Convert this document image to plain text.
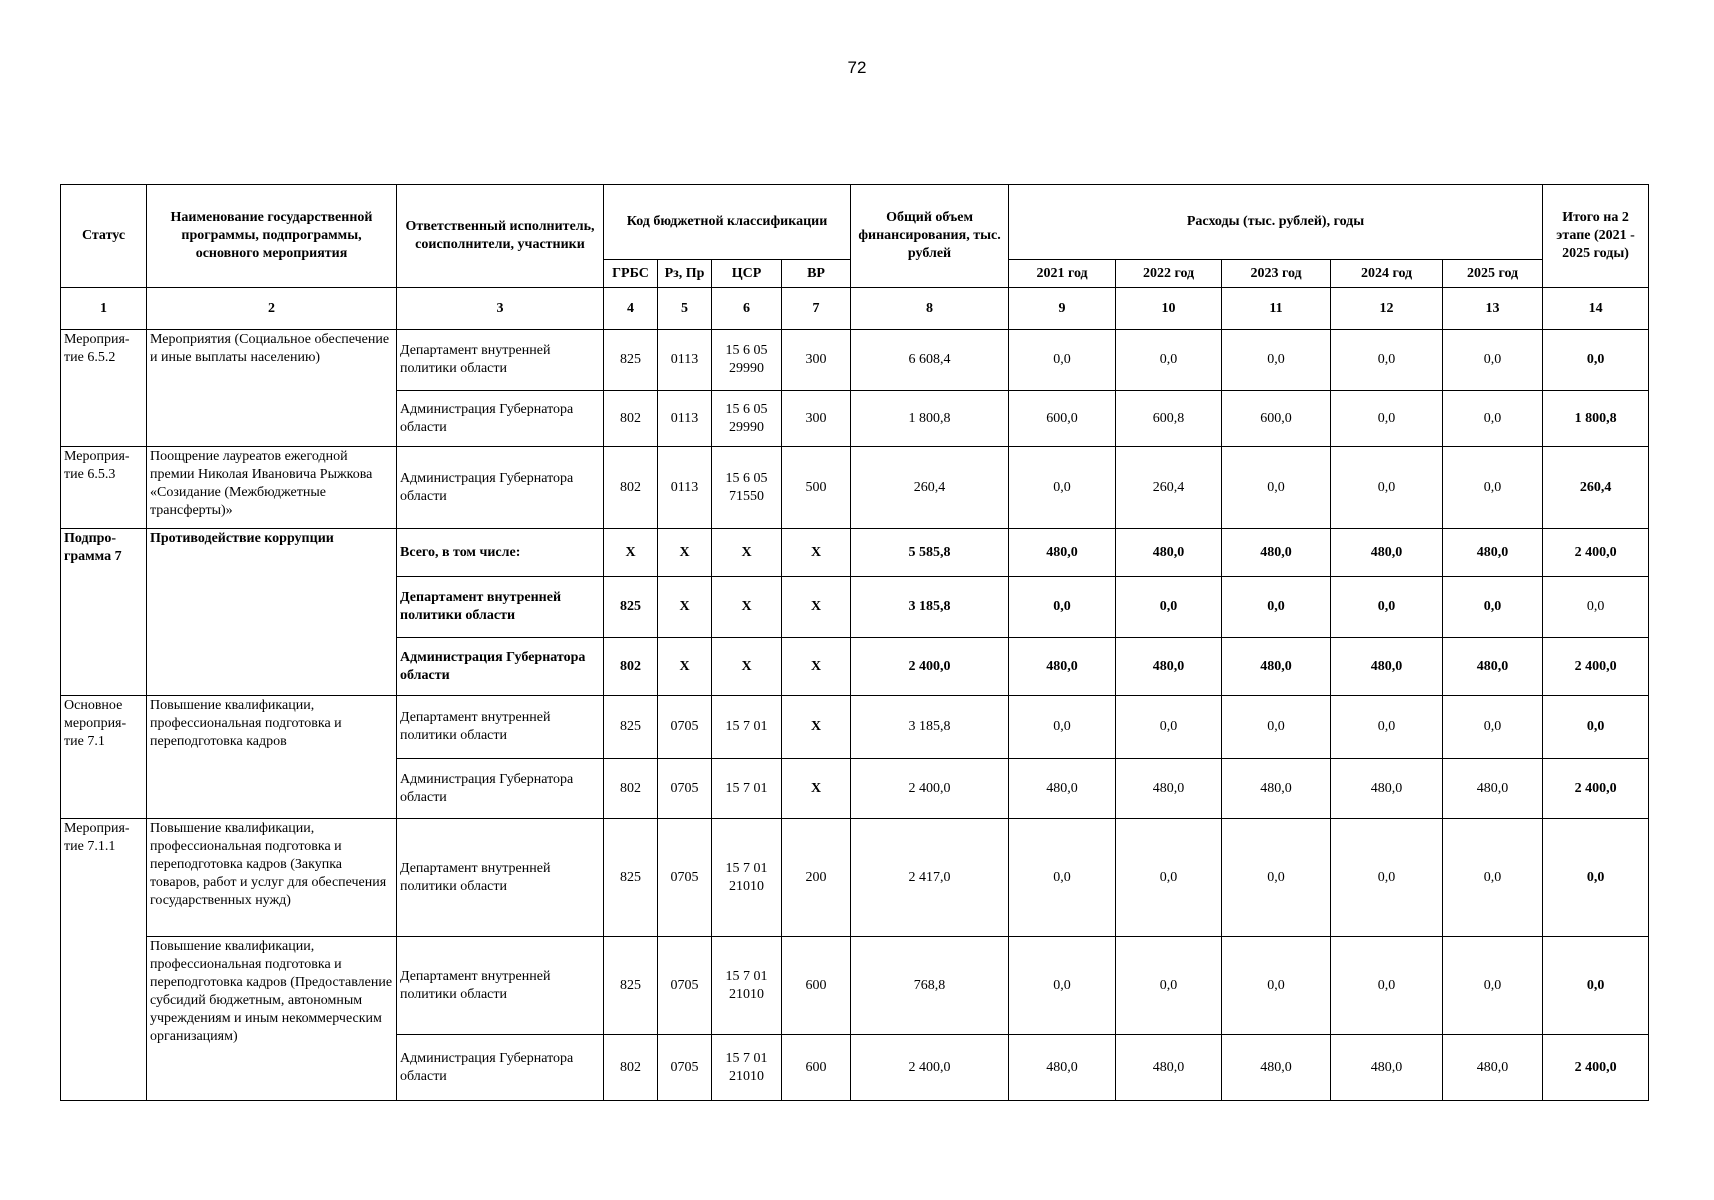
72
Статус	Наименование государственной программы, подпрограммы, основного мероприятия	Ответственный исполнитель, соисполнители, участники	Код бюджетной классификации				Общий объем финансирования, тыс. рублей	Расходы (тыс. рублей), годы					Итого на 2 этапе (2021 - 2025 годы)
			ГРБС	Рз, Пр	ЦСР	ВР		2021 год	2022 год	2023 год	2024 год	2025 год	
1	2	3	4	5	6	7	8	9	10	11	12	13	14
Мероприя-тие 6.5.2	Мероприятия (Социальное обеспечение и иные выплаты населению)	Департамент внутренней политики области	825	0113	15 6 05 29990	300	6 608,4	0,0	0,0	0,0	0,0	0,0	0,0
		Администрация Губернатора области	802	0113	15 6 05 29990	300	1 800,8	600,0	600,8	600,0	0,0	0,0	1 800,8
Мероприя-тие 6.5.3	Поощрение лауреатов ежегодной премии Николая Ивановича Рыжкова «Созидание (Межбюджетные трансферты)»	Администрация Губернатора области	802	0113	15 6 05 71550	500	260,4	0,0	260,4	0,0	0,0	0,0	260,4
Подпро-грамма 7	Противодействие коррупции	Всего, в том числе:	X	X	X	X	5 585,8	480,0	480,0	480,0	480,0	480,0	2 400,0
		Департамент внутренней политики области	825	X	X	X	3 185,8	0,0	0,0	0,0	0,0	0,0	0,0
		Администрация Губернатора области	802	X	X	X	2 400,0	480,0	480,0	480,0	480,0	480,0	2 400,0
Основное мероприя-тие 7.1	Повышение квалификации, профессиональная подготовка и переподготовка кадров	Департамент внутренней политики области	825	0705	15 7 01	X	3 185,8	0,0	0,0	0,0	0,0	0,0	0,0
		Администрация Губернатора области	802	0705	15 7 01	X	2 400,0	480,0	480,0	480,0	480,0	480,0	2 400,0
Мероприя-тие 7.1.1	Повышение квалификации, профессиональная подготовка и переподготовка кадров (Закупка товаров, работ и услуг для обеспечения государственных нужд)	Департамент внутренней политики области	825	0705	15 7 01 21010	200	2 417,0	0,0	0,0	0,0	0,0	0,0	0,0
	Повышение квалификации, профессиональная подготовка и переподготовка кадров (Предоставление субсидий бюджетным, автономным учреждениям и иным некоммерческим организациям)	Департамент внутренней политики области	825	0705	15 7 01 21010	600	768,8	0,0	0,0	0,0	0,0	0,0	0,0
		Администрация Губернатора области	802	0705	15 7 01 21010	600	2 400,0	480,0	480,0	480,0	480,0	480,0	2 400,0
